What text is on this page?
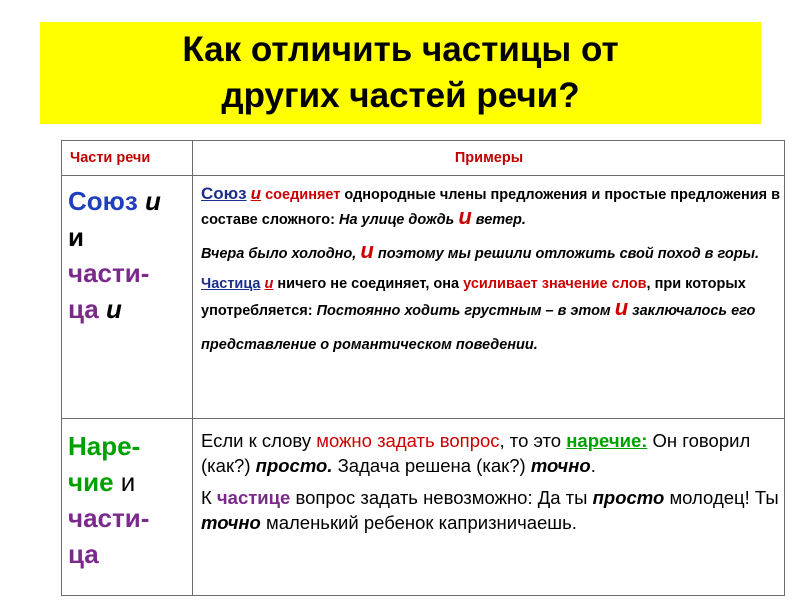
Как отличить частицы от
других частей речи?
Части речи	Примеры
Союз и
и
части-
ца и

Союз и соединяет однородные члены предложения и простые предложения в составе сложного: На улице дождь и ветер.

Вчера было холодно, и поэтому мы решили отложить свой поход в горы.

Частица и ничего не соединяет, она усиливает значение слов, при которых употребляется: Постоянно ходить грустным – в этом и заключалось его представление о романтическом поведении.

Наре-
чие и
части-
ца

Если к слову можно задать вопрос, то это наречие: Он говорил (как?) просто. Задача решена (как?) точно.

К частице вопрос задать невозможно: Да ты просто молодец! Ты точно маленький ребенок капризничаешь.
